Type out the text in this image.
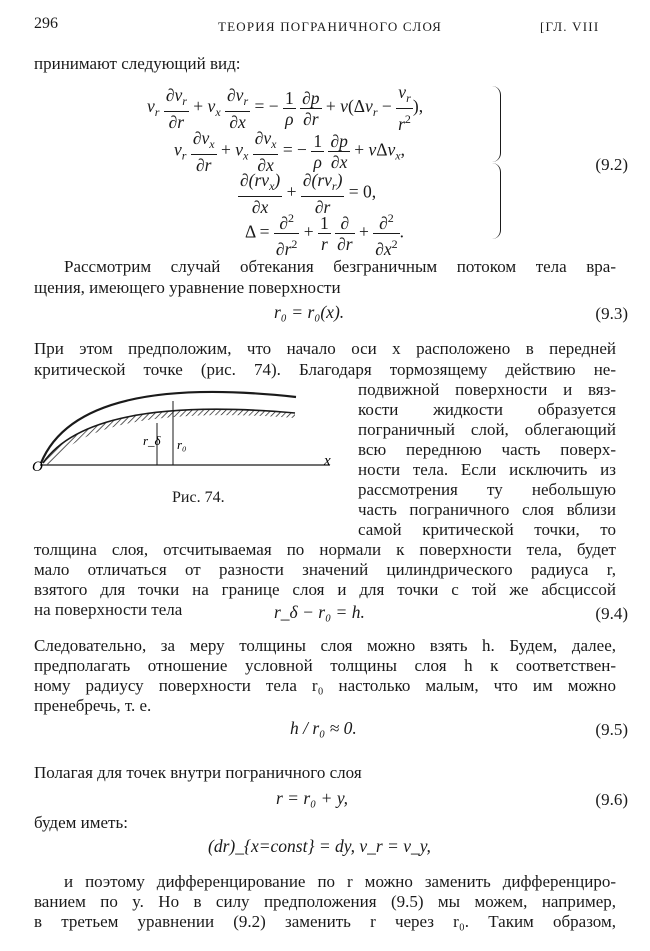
296	ТЕОРИЯ ПОГРАНИЧНОГО СЛОЯ	[ГЛ. VIII
принимают следующий вид:
$v_r \frac{\partial v_r}{\partial r} + v_x \frac{\partial v_r}{\partial x}$ = − $\frac{1}{\rho}$
$\frac{\partial p}{\partial r} + \nu(\Delta v_r - \frac{v_r}{r^2}$ ),
$v_r \frac{\partial v_x}{\partial r} + v_x \frac{\partial v_x}{\partial x}$ = − $\frac{1}{\rho}$
$\frac{\partial p}{\partial x} + \nu\Delta v_x$,
$\frac{\partial(rv_x)}{\partial x} + \frac{\partial(rv_r)}{\partial r} = 0$,
$\Delta = \frac{\partial^2}{\partial r^2} + \frac{1}{r}$
$\frac{\partial}{\partial r} + \frac{\partial^2}{\partial x^2}$ .
(9.2)
Рассмотрим случай обтекания безграничным потоком тела вра-
щения, имеющего уравнение поверхности
r₀ = r₀(x).	(9.3)
При этом предположим, что начало оси x расположено в передней
критической точке (рис. 74). Благодаря тормозящему действию не-
подвижной поверхности и вяз-
кости жидкости образуется
пограничный слой, облегающий
всю переднюю часть поверх-
ности тела. Если исключить из
рассмотрения ту небольшую
часть пограничного слоя вблизи
самой критической точки, то
O	x
r_δ r₀
Рис. 74.
толщина слоя, отсчитываемая по нормали к поверхности тела, будет
мало отличаться от разности значений цилиндрического радиуса r,
взятого для точки на границе слоя и для точки с той же абсциссой
на поверхности тела	r_δ − r₀ = h.	(9.4)
Следовательно, за меру толщины слоя можно взять h. Будем, далее,
предполагать отношение условной толщины слоя h к соответствен-
ному радиусу поверхности тела r₀ настолько малым, что им можно
пренебречь, т. е.
h / r₀ ≈ 0.	(9.5)
Полагая для точек внутри пограничного слоя
r = r₀ + y,	(9.6)
будем иметь:
(dr)_{x=const} = dy, v_r = v_y,
и поэтому дифференцирование по r можно заменить дифференциро-
ванием по y. Но в силу предположения (9.5) мы можем, например,
в третьем уравнении (9.2) заменить r через r₀. Таким образом,
